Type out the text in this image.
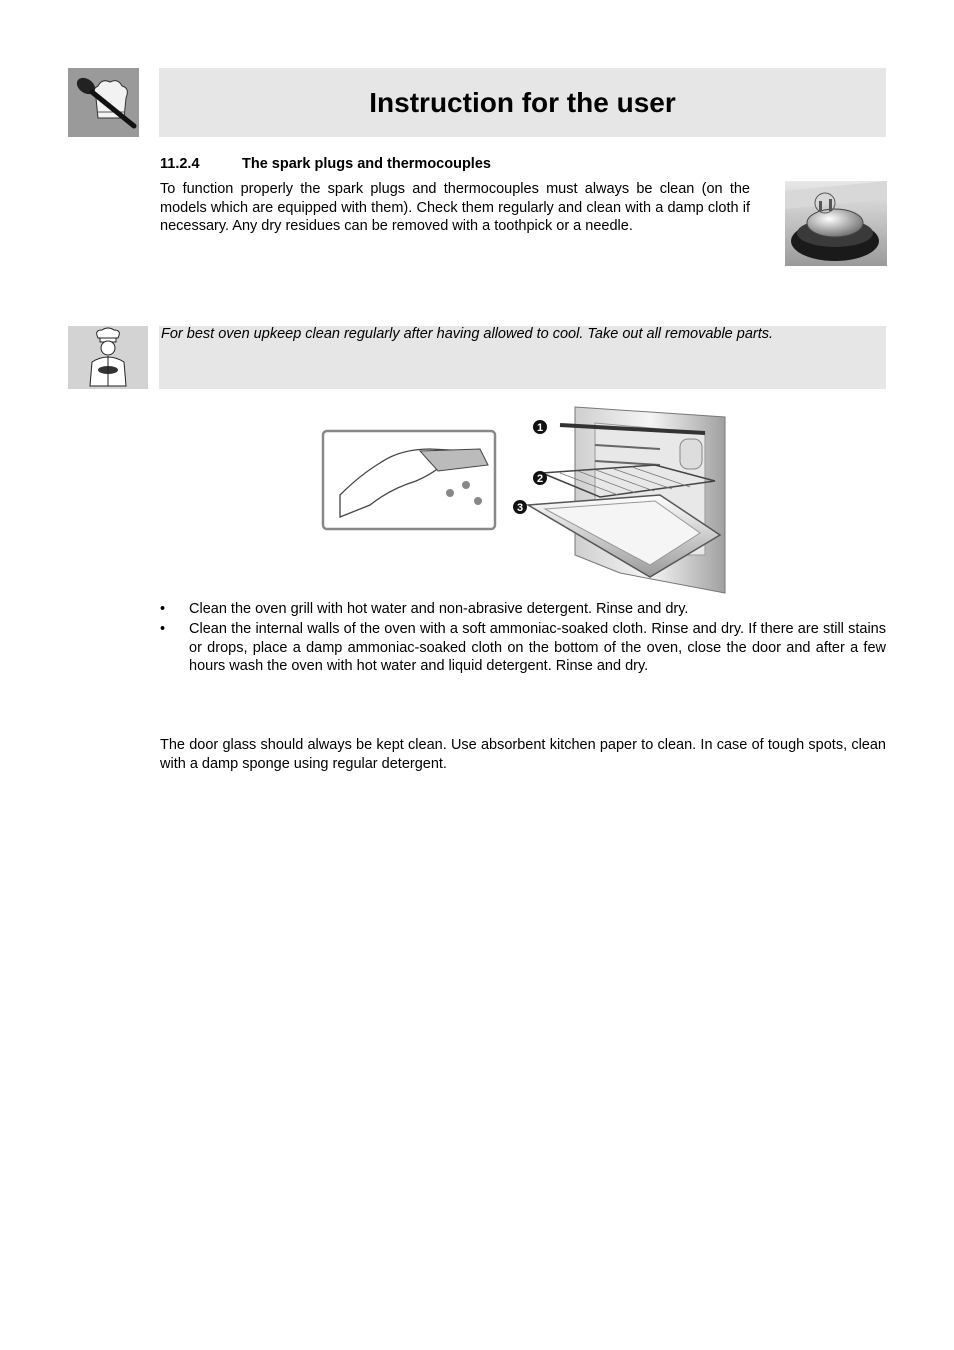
Instruction for the user
11.2.4	The spark plugs and thermocouples
To function properly the spark plugs and thermocouples must always be clean (on the models which are equipped with them). Check them regularly and clean with a damp cloth if necessary. Any dry residues can be removed with a toothpick or a needle.
For best oven upkeep clean regularly after having allowed to cool. Take out all removable parts.
1
2
3
• Clean the oven grill with hot water and non-abrasive detergent. Rinse and dry.
• Clean the internal walls of the oven with a soft ammoniac-soaked cloth. Rinse and dry. If there are still stains or drops, place a damp ammoniac-soaked cloth on the bottom of the oven, close the door and after a few hours wash the oven with hot water and liquid detergent. Rinse and dry.
The door glass should always be kept clean. Use absorbent kitchen paper to clean. In case of tough spots, clean with a damp sponge using regular detergent.
